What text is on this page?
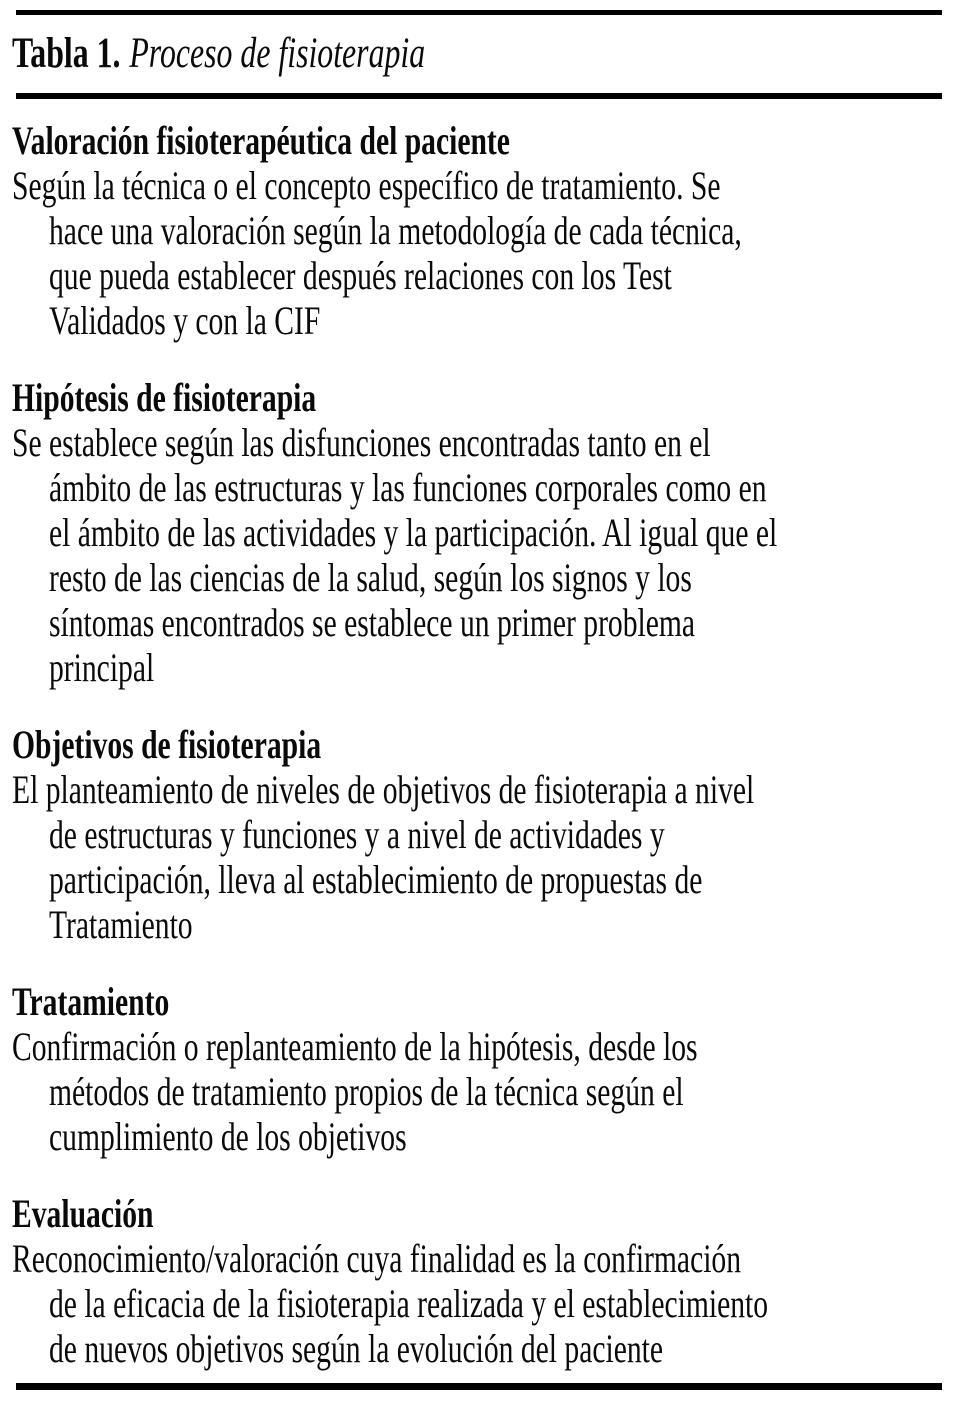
Tabla 1. Proceso de fisioterapia
Valoración fisioterapéutica del paciente
Según la técnica o el concepto específico de tratamiento. Se
hace una valoración según la metodología de cada técnica,
que pueda establecer después relaciones con los Test
Validados y con la CIF
Hipótesis de fisioterapia
Se establece según las disfunciones encontradas tanto en el
ámbito de las estructuras y las funciones corporales como en
el ámbito de las actividades y la participación. Al igual que el
resto de las ciencias de la salud, según los signos y los
síntomas encontrados se establece un primer problema
principal
Objetivos de fisioterapia
El planteamiento de niveles de objetivos de fisioterapia a nivel
de estructuras y funciones y a nivel de actividades y
participación, lleva al establecimiento de propuestas de
Tratamiento
Tratamiento
Confirmación o replanteamiento de la hipótesis, desde los
métodos de tratamiento propios de la técnica según el
cumplimiento de los objetivos
Evaluación
Reconocimiento/valoración cuya finalidad es la confirmación
de la eficacia de la fisioterapia realizada y el establecimiento
de nuevos objetivos según la evolución del paciente
